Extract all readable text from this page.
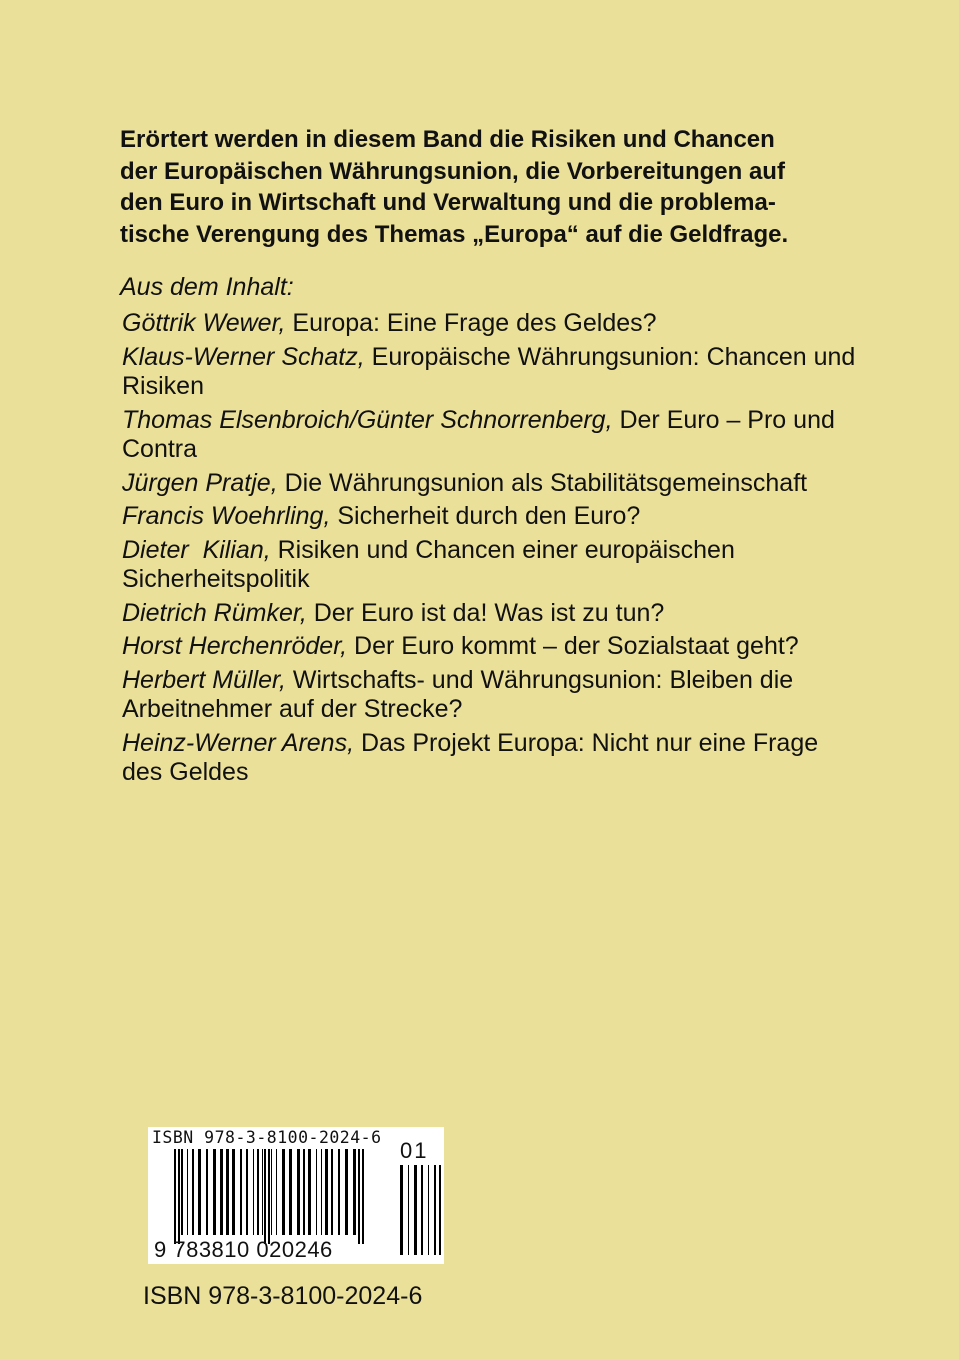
Erörtert werden in diesem Band die Risiken und Chancen
der Europäischen Währungsunion, die Vorbereitungen auf
den Euro in Wirtschaft und Verwaltung und die problema-
tische Verengung des Themas „Europa“ auf die Geldfrage.

Aus dem Inhalt:

Göttrik Wewer, Europa: Eine Frage des Geldes?

Klaus-Werner Schatz, Europäische Währungsunion: Chancen und Risiken

Thomas Elsenbroich/Günter Schnorrenberg, Der Euro – Pro und Contra

Jürgen Pratje, Die Währungsunion als Stabilitätsgemeinschaft

Francis Woehrling, Sicherheit durch den Euro?

Dieter  Kilian, Risiken und Chancen einer europäischen Sicherheitspolitik

Dietrich Rümker, Der Euro ist da! Was ist zu tun?

Horst Herchenröder, Der Euro kommt – der Sozialstaat geht?

Herbert Müller, Wirtschafts- und Währungsunion: Bleiben die Arbeitnehmer auf der Strecke?

Heinz-Werner Arens, Das Projekt Europa: Nicht nur eine Frage des Geldes

ISBN 978-3-8100-2024-6
01
9 783810 020246
ISBN 978-3-8100-2024-6
